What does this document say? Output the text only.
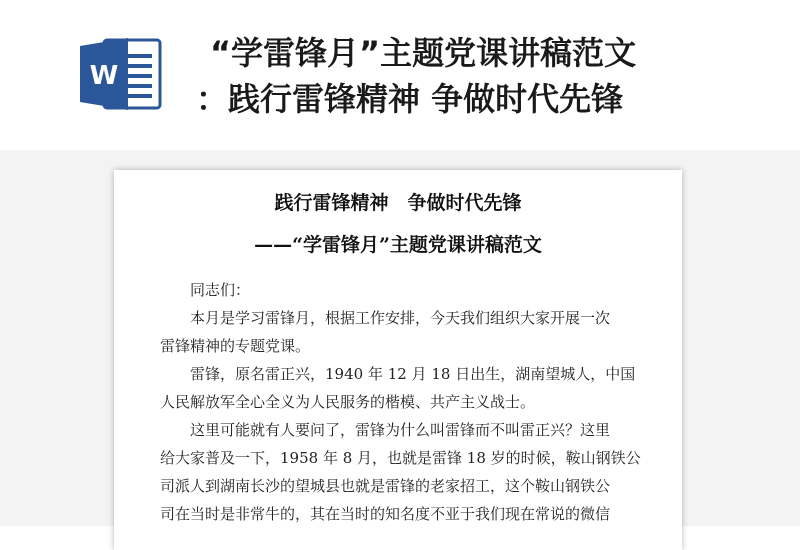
W
“学雷锋月”主题党课讲稿范文
：践行雷锋精神 争做时代先锋
践行雷锋精神　争做时代先锋
——“学雷锋月”主题党课讲稿范文
同志们：
本月是学习雷锋月，根据工作安排，今天我们组织大家开展一次
雷锋精神的专题党课。
雷锋，原名雷正兴，1940 年 12 月 18 日出生，湖南望城人，中国
人民解放军全心全义为人民服务的楷模、共产主义战士。
这里可能就有人要问了，雷锋为什么叫雷锋而不叫雷正兴？这里
给大家普及一下，1958 年 8 月，也就是雷锋 18 岁的时候，鞍山钢铁公
司派人到湖南长沙的望城县也就是雷锋的老家招工，这个鞍山钢铁公
司在当时是非常牛的，其在当时的知名度不亚于我们现在常说的微信
